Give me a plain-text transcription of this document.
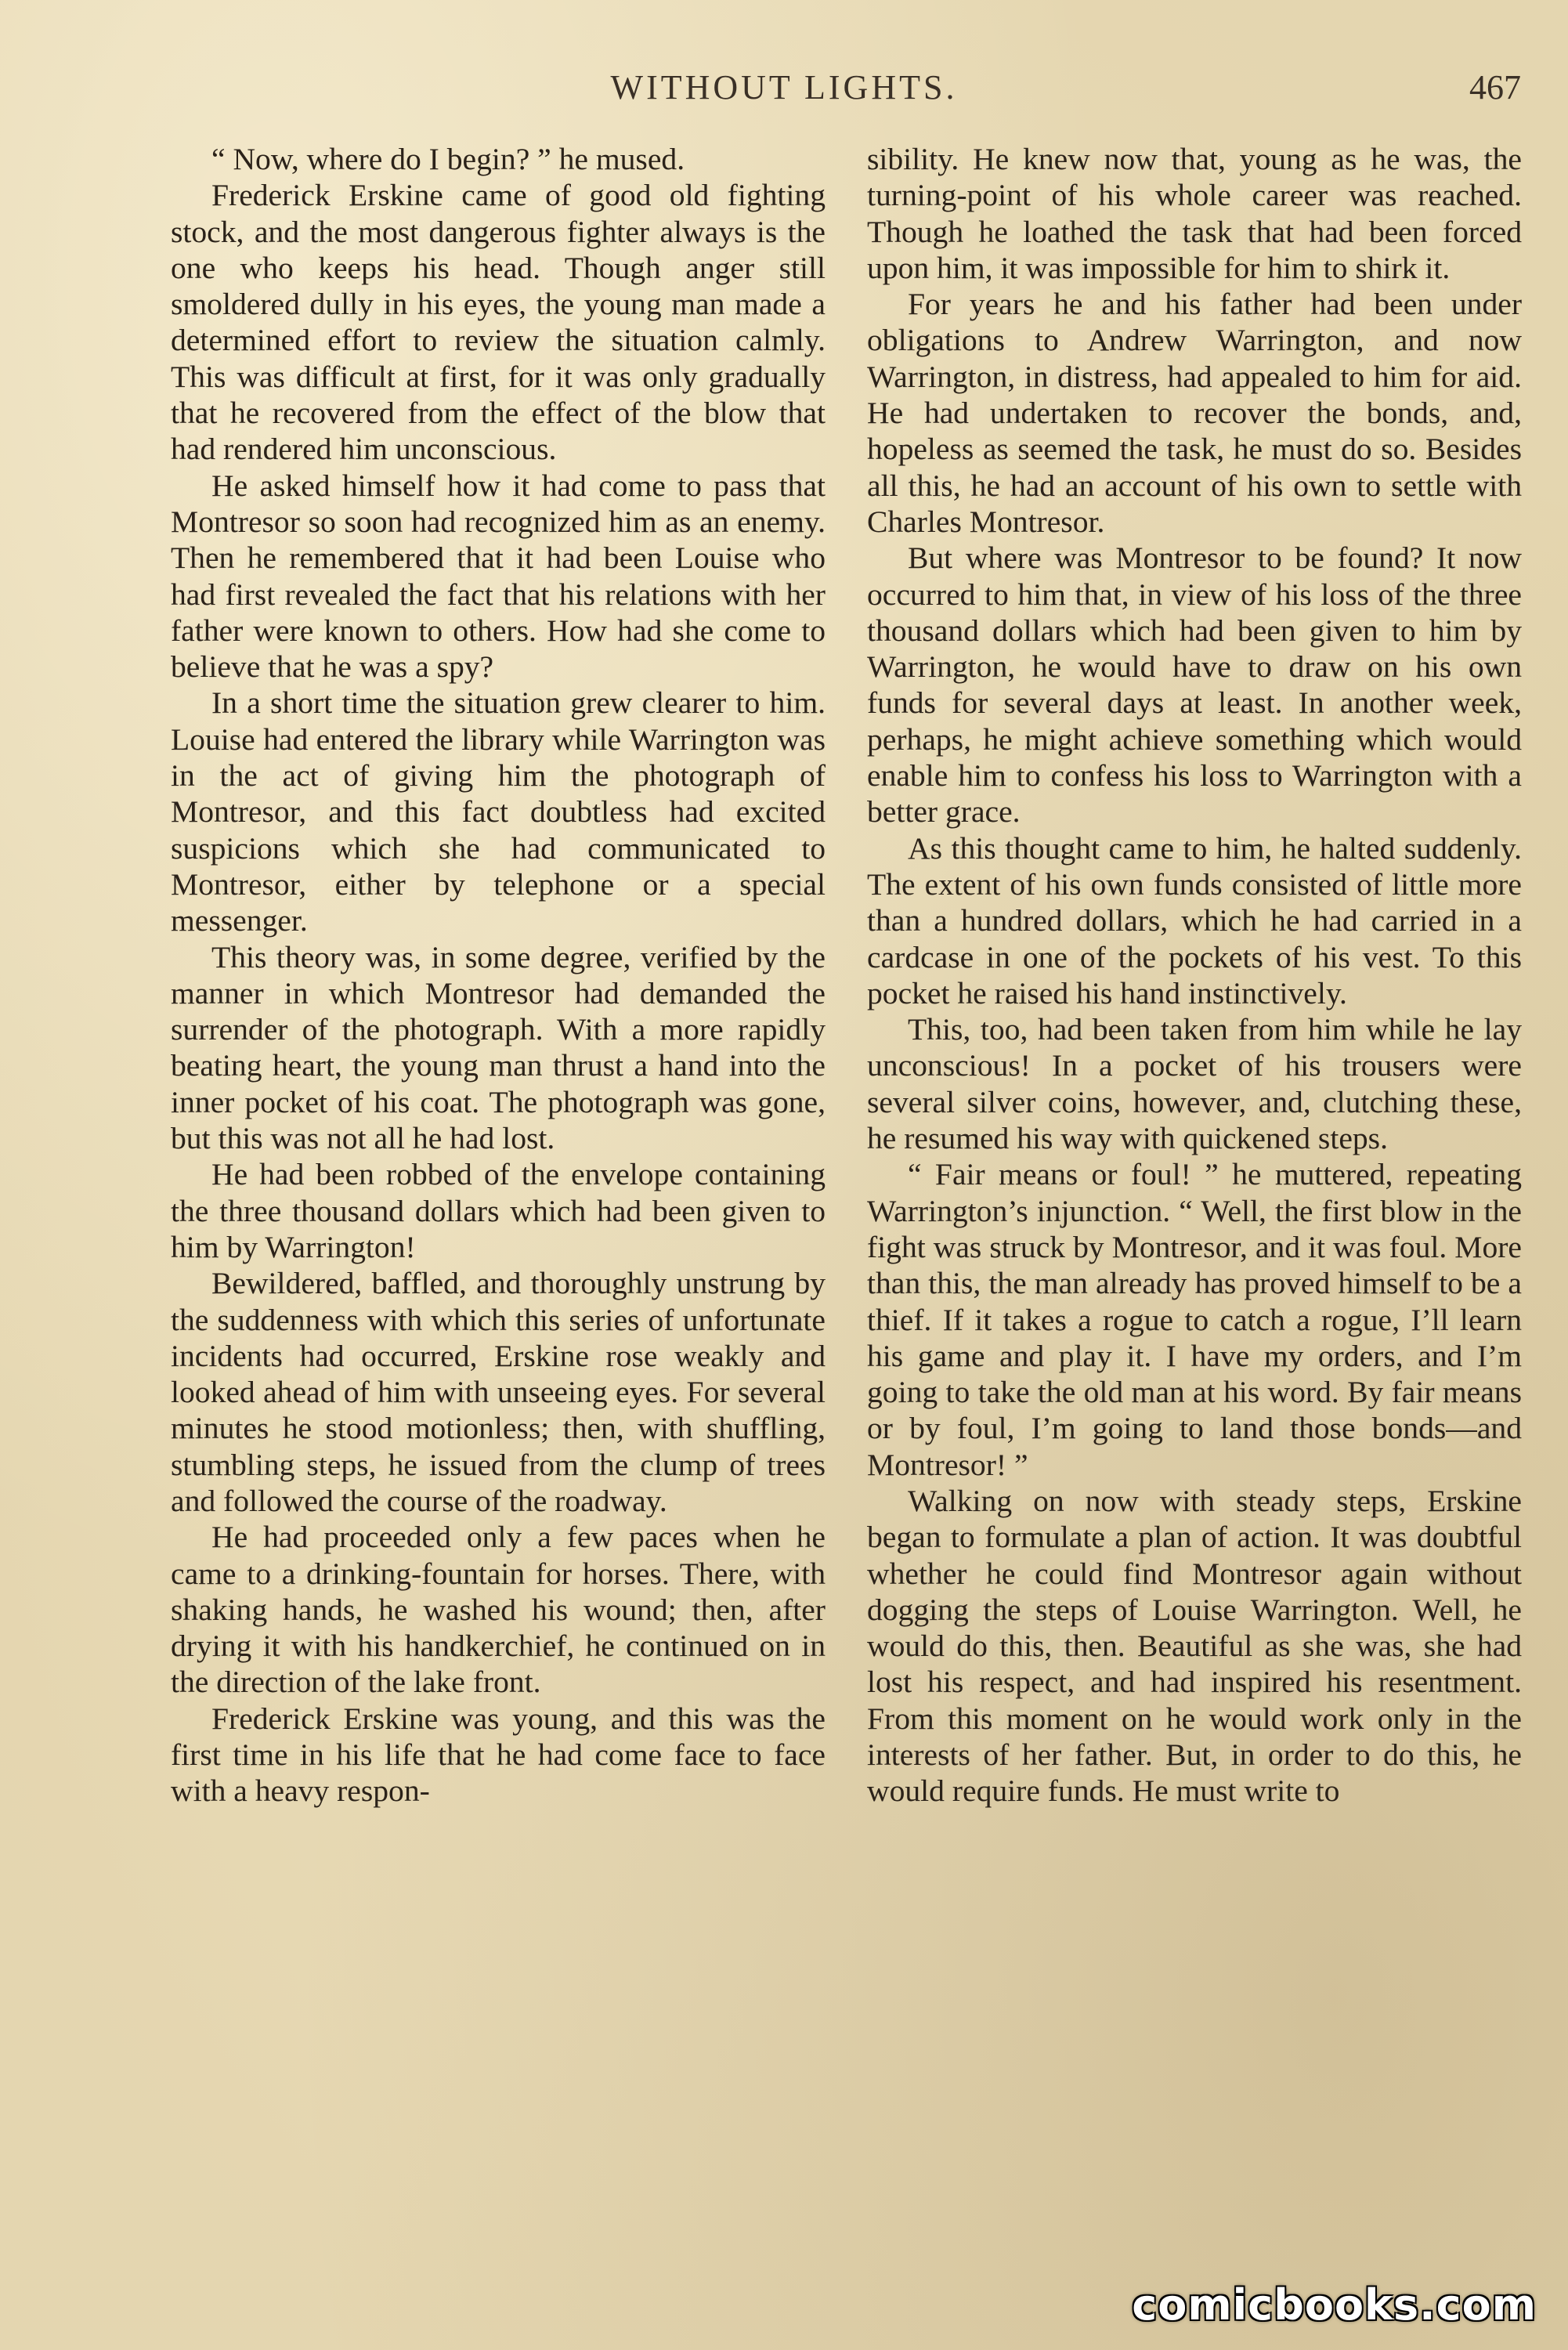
WITHOUT LIGHTS.	467

“ Now, where do I begin? ” he mused.

Frederick Erskine came of good old fighting stock, and the most dangerous fighter always is the one who keeps his head. Though anger still smoldered dully in his eyes, the young man made a determined effort to review the situation calmly. This was difficult at first, for it was only gradually that he recovered from the effect of the blow that had rendered him unconscious.

He asked himself how it had come to pass that Montresor so soon had recognized him as an enemy. Then he remembered that it had been Louise who had first revealed the fact that his relations with her father were known to others. How had she come to believe that he was a spy?

In a short time the situation grew clearer to him. Louise had entered the library while Warrington was in the act of giving him the photograph of Montresor, and this fact doubtless had excited suspicions which she had communicated to Montresor, either by telephone or a special messenger.

This theory was, in some degree, verified by the manner in which Montresor had demanded the surrender of the photograph. With a more rapidly beating heart, the young man thrust a hand into the inner pocket of his coat. The photograph was gone, but this was not all he had lost.

He had been robbed of the envelope containing the three thousand dollars which had been given to him by Warrington!

Bewildered, baffled, and thoroughly unstrung by the suddenness with which this series of unfortunate incidents had occurred, Erskine rose weakly and looked ahead of him with unseeing eyes. For several minutes he stood motionless; then, with shuffling, stumbling steps, he issued from the clump of trees and followed the course of the roadway.

He had proceeded only a few paces when he came to a drinking-fountain for horses. There, with shaking hands, he washed his wound; then, after drying it with his handkerchief, he continued on in the direction of the lake front.

Frederick Erskine was young, and this was the first time in his life that he had come face to face with a heavy respon-

sibility. He knew now that, young as he was, the turning-point of his whole career was reached. Though he loathed the task that had been forced upon him, it was impossible for him to shirk it.

For years he and his father had been under obligations to Andrew Warrington, and now Warrington, in distress, had appealed to him for aid. He had undertaken to recover the bonds, and, hopeless as seemed the task, he must do so. Besides all this, he had an account of his own to settle with Charles Montresor.

But where was Montresor to be found? It now occurred to him that, in view of his loss of the three thousand dollars which had been given to him by Warrington, he would have to draw on his own funds for several days at least. In another week, perhaps, he might achieve something which would enable him to confess his loss to Warrington with a better grace.

As this thought came to him, he halted suddenly. The extent of his own funds consisted of little more than a hundred dollars, which he had carried in a cardcase in one of the pockets of his vest. To this pocket he raised his hand instinctively.

This, too, had been taken from him while he lay unconscious! In a pocket of his trousers were several silver coins, however, and, clutching these, he resumed his way with quickened steps.

“ Fair means or foul! ” he muttered, repeating Warrington’s injunction. “ Well, the first blow in the fight was struck by Montresor, and it was foul. More than this, the man already has proved himself to be a thief. If it takes a rogue to catch a rogue, I’ll learn his game and play it. I have my orders, and I’m going to take the old man at his word. By fair means or by foul, I’m going to land those bonds—and Montresor! ”

Walking on now with steady steps, Erskine began to formulate a plan of action. It was doubtful whether he could find Montresor again without dogging the steps of Louise Warrington. Well, he would do this, then. Beautiful as she was, she had lost his respect, and had inspired his resentment. From this moment on he would work only in the interests of her father. But, in order to do this, he would require funds. He must write to

comicbooks.com
